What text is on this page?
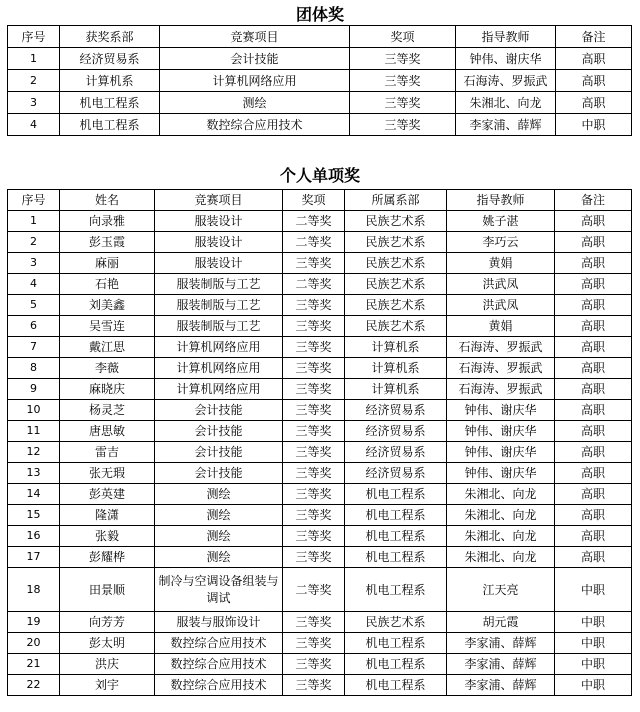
团体奖
序号	获奖系部	竞赛项目	奖项	指导教师	备注
1	经济贸易系	会计技能	三等奖	钟伟、谢庆华	高职
2	计算机系	计算机网络应用	三等奖	石海涛、罗振武	高职
3	机电工程系	测绘	三等奖	朱湘北、向龙	高职
4	机电工程系	数控综合应用技术	三等奖	李家浦、薛辉	中职
个人单项奖
序号	姓名	竞赛项目	奖项	所属系部	指导教师	备注
1	向录雅	服装设计	二等奖	民族艺术系	姚子湛	高职
2	彭玉霞	服装设计	二等奖	民族艺术系	李巧云	高职
3	麻丽	服装设计	三等奖	民族艺术系	黄娟	高职
4	石艳	服装制版与工艺	二等奖	民族艺术系	洪武凤	高职
5	刘美鑫	服装制版与工艺	三等奖	民族艺术系	洪武凤	高职
6	吴雪连	服装制版与工艺	三等奖	民族艺术系	黄娟	高职
7	戴江思	计算机网络应用	三等奖	计算机系	石海涛、罗振武	高职
8	李薇	计算机网络应用	三等奖	计算机系	石海涛、罗振武	高职
9	麻晓庆	计算机网络应用	三等奖	计算机系	石海涛、罗振武	高职
10	杨灵芝	会计技能	三等奖	经济贸易系	钟伟、谢庆华	高职
11	唐思敏	会计技能	三等奖	经济贸易系	钟伟、谢庆华	高职
12	雷吉	会计技能	三等奖	经济贸易系	钟伟、谢庆华	高职
13	张无瑕	会计技能	三等奖	经济贸易系	钟伟、谢庆华	高职
14	彭英建	测绘	三等奖	机电工程系	朱湘北、向龙	高职
15	隆潇	测绘	三等奖	机电工程系	朱湘北、向龙	高职
16	张毅	测绘	三等奖	机电工程系	朱湘北、向龙	高职
17	彭耀桦	测绘	三等奖	机电工程系	朱湘北、向龙	高职
18	田景顺	制冷与空调设备组装与调试	二等奖	机电工程系	江天亮	中职
19	向芳芳	服装与服饰设计	三等奖	民族艺术系	胡元霞	中职
20	彭太明	数控综合应用技术	三等奖	机电工程系	李家浦、薛辉	中职
21	洪庆	数控综合应用技术	三等奖	机电工程系	李家浦、薛辉	中职
22	刘宇	数控综合应用技术	三等奖	机电工程系	李家浦、薛辉	中职
